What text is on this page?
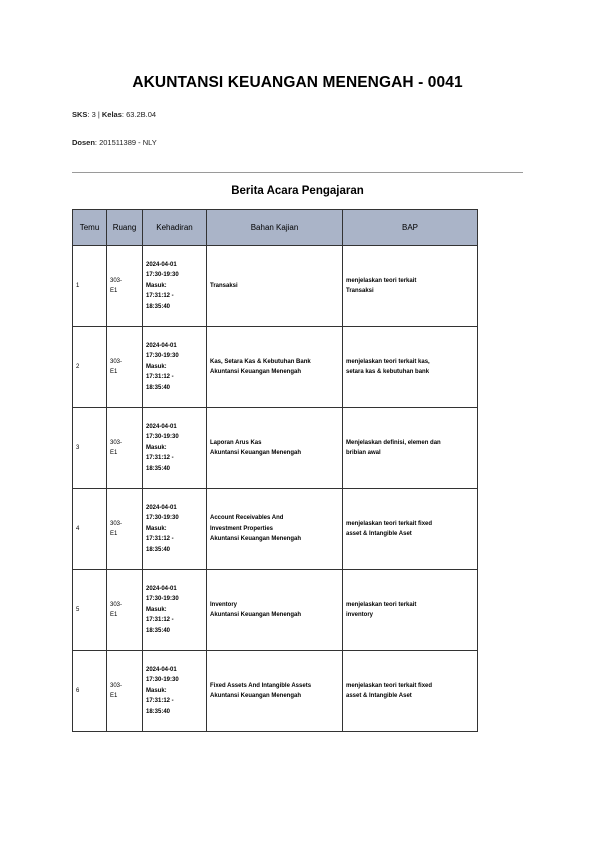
AKUNTANSI KEUANGAN MENENGAH - 0041
SKS: 3 | Kelas: 63.2B.04
Dosen: 201511389 - NLY
Berita Acara Pengajaran
Temu	Ruang	Kehadiran	Bahan Kajian	BAP
1	303-
E1	2024-04-01
17:30-19:30
Masuk:
17:31:12 -
18:35:40	Transaksi	menjelaskan teori terkait
Transaksi

2	303-
E1	2024-04-01
17:30-19:30
Masuk:
17:31:12 -
18:35:40	Kas, Setara Kas & Kebutuhan Bank
Akuntansi Keuangan Menengah	menjelaskan teori terkait kas,
setara kas & kebutuhan bank

3	303-
E1	2024-04-01
17:30-19:30
Masuk:
17:31:12 -
18:35:40	Laporan Arus Kas
Akuntansi Keuangan Menengah	Menjelaskan definisi, elemen dan
bribian awal

4	303-
E1	2024-04-01
17:30-19:30
Masuk:
17:31:12 -
18:35:40	Account Receivables And
Investment Properties
Akuntansi Keuangan Menengah	menjelaskan teori terkait fixed
asset & Intangible Aset

5	303-
E1	2024-04-01
17:30-19:30
Masuk:
17:31:12 -
18:35:40	Inventory
Akuntansi Keuangan Menengah	menjelaskan teori terkait
inventory

6	303-
E1	2024-04-01
17:30-19:30
Masuk:
17:31:12 -
18:35:40	Fixed Assets And Intangible Assets
Akuntansi Keuangan Menengah	menjelaskan teori terkait fixed
asset & Intangible Aset
